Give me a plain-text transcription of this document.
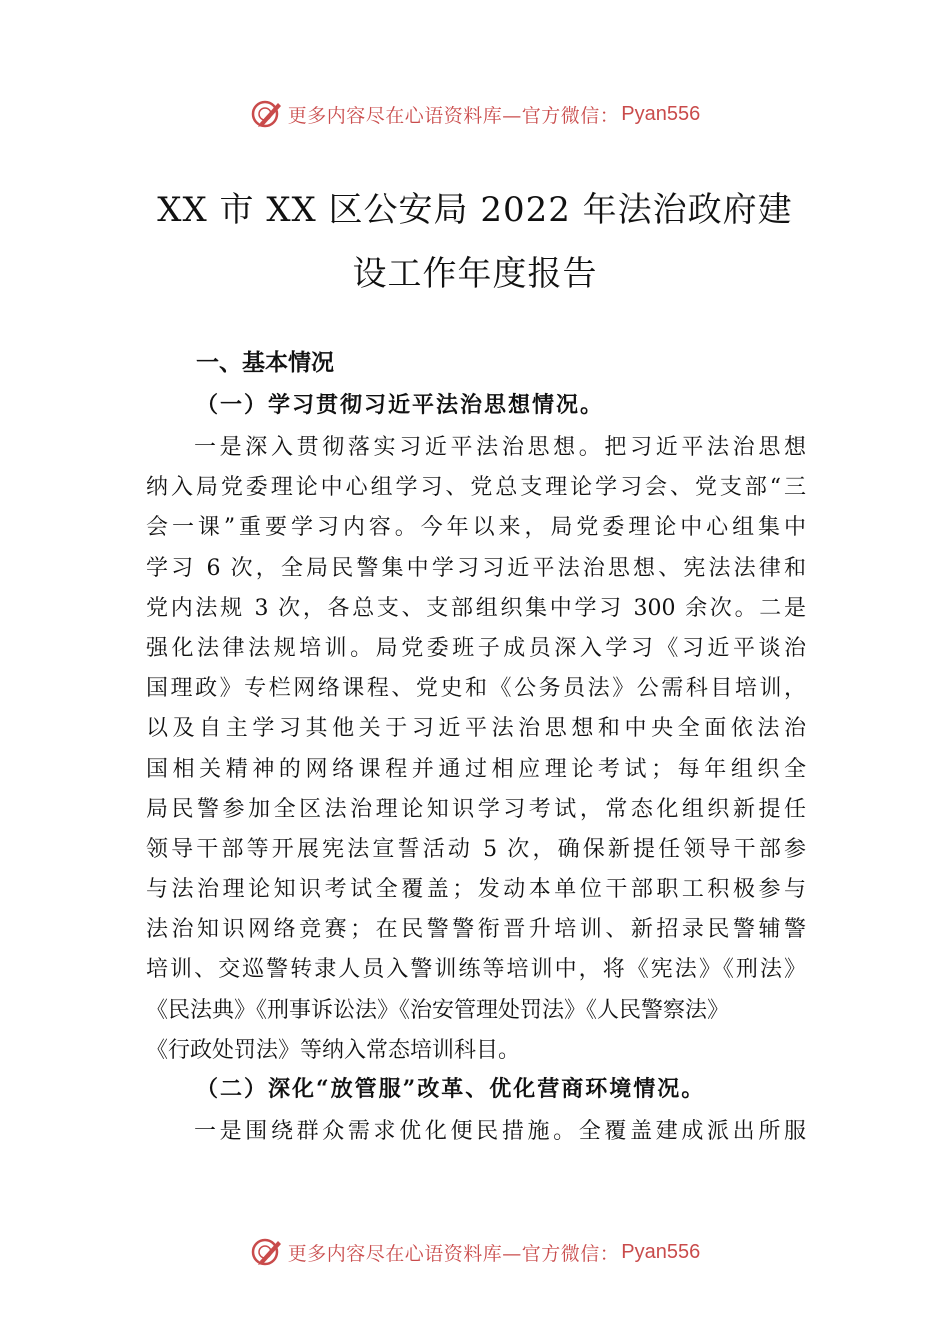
更多内容尽在心语资料库—官方微信： Pyan556
XX 市 XX 区公安局 2022 年法治政府建
设工作年度报告
一、基本情况
（一）学习贯彻习近平法治思想情况。
一是深入贯彻落实习近平法治思想。把习近平法治思想
纳入局党委理论中心组学习、党总支理论学习会、党支部“三
会一课”重要学习内容。今年以来，局党委理论中心组集中
学习 6 次，全局民警集中学习习近平法治思想、宪法法律和
党内法规 3 次，各总支、支部组织集中学习 300 余次。二是
强化法律法规培训。局党委班子成员深入学习《习近平谈治
国理政》专栏网络课程、党史和《公务员法》公需科目培训，
以及自主学习其他关于习近平法治思想和中央全面依法治
国相关精神的网络课程并通过相应理论考试；每年组织全
局民警参加全区法治理论知识学习考试，常态化组织新提任
领导干部等开展宪法宣誓活动 5 次，确保新提任领导干部参
与法治理论知识考试全覆盖；发动本单位干部职工积极参与
法治知识网络竞赛；在民警警衔晋升培训、新招录民警辅警
培训、交巡警转隶人员入警训练等培训中，将《宪法》《刑法》
《民法典》《刑事诉讼法》《治安管理处罚法》《人民警察法》
《行政处罚法》等纳入常态培训科目。
（二）深化“放管服”改革、优化营商环境情况。
一是围绕群众需求优化便民措施。全覆盖建成派出所服
更多内容尽在心语资料库—官方微信： Pyan556
